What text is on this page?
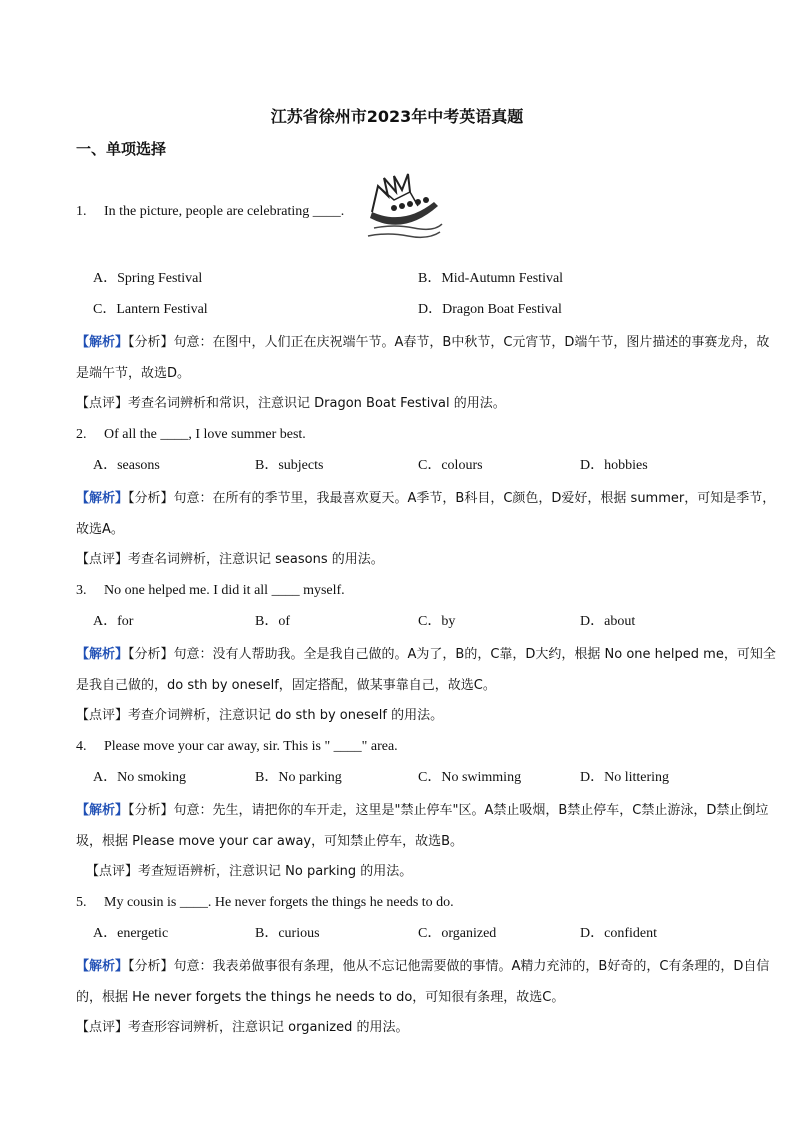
江苏省徐州市2023年中考英语真题
一、单项选择
1. In the picture, people are celebrating ____.
A．Spring Festival	B．Mid-Autumn Festival
C．Lantern Festival	D．Dragon Boat Festival
【解析】【分析】句意：在图中，人们正在庆祝端午节。A春节，B中秋节，C元宵节，D端午节，图片描述的事赛龙舟，故是端午节，故选D。
【点评】考查名词辨析和常识，注意识记 Dragon Boat Festival 的用法。
2. Of all the ____, I love summer best.
A．seasons	B．subjects	C．colours	D．hobbies
【解析】【分析】句意：在所有的季节里，我最喜欢夏天。A季节，B科目，C颜色，D爱好，根据 summer，可知是季节，故选A。
【点评】考查名词辨析，注意识记 seasons 的用法。
3. No one helped me. I did it all ____ myself.
A．for	B．of	C．by	D．about
【解析】【分析】句意：没有人帮助我。全是我自己做的。A为了，B的，C靠，D大约，根据 No one helped me，可知全是我自己做的，do sth by oneself，固定搭配，做某事靠自己，故选C。
【点评】考查介词辨析，注意识记 do sth by oneself 的用法。
4. Please move your car away, sir. This is " ____" area.
A．No smoking	B．No parking	C．No swimming	D．No littering
【解析】【分析】句意：先生，请把你的车开走，这里是"禁止停车"区。A禁止吸烟，B禁止停车，C禁止游泳，D禁止倒垃圾，根据 Please move your car away，可知禁止停车，故选B。
【点评】考查短语辨析，注意识记 No parking 的用法。
5. My cousin is ____. He never forgets the things he needs to do.
A．energetic	B．curious	C．organized	D．confident
【解析】【分析】句意：我表弟做事很有条理，他从不忘记他需要做的事情。A精力充沛的，B好奇的，C有条理的，D自信的，根据 He never forgets the things he needs to do，可知很有条理，故选C。
【点评】考查形容词辨析，注意识记 organized 的用法。
